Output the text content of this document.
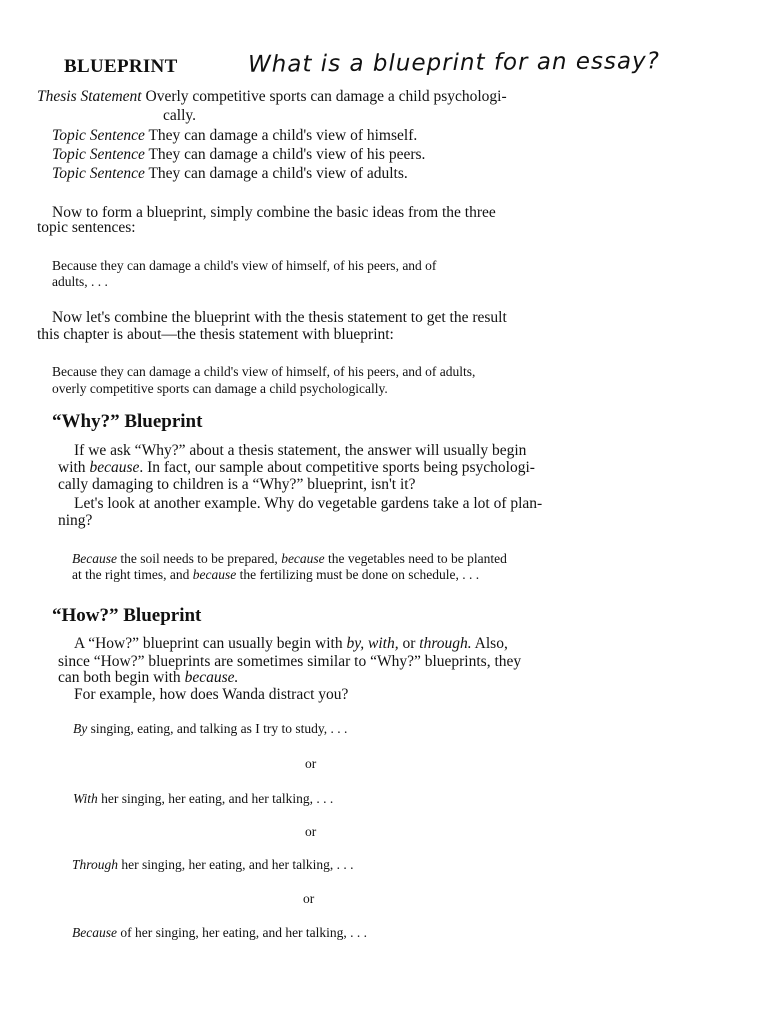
BLUEPRINT	What is a blueprint for an essay?
Thesis Statement Overly competitive sports can damage a child psychologi-
cally.
Topic Sentence They can damage a child's view of himself.
Topic Sentence They can damage a child's view of his peers.
Topic Sentence They can damage a child's view of adults.
Now to form a blueprint, simply combine the basic ideas from the three
topic sentences:
Because they can damage a child's view of himself, of his peers, and of
adults, . . .
Now let's combine the blueprint with the thesis statement to get the result
this chapter is about—the thesis statement with blueprint:
Because they can damage a child's view of himself, of his peers, and of adults,
overly competitive sports can damage a child psychologically.
“Why?” Blueprint
If we ask “Why?” about a thesis statement, the answer will usually begin
with because. In fact, our sample about competitive sports being psychologi-
cally damaging to children is a “Why?” blueprint, isn't it?
Let's look at another example. Why do vegetable gardens take a lot of plan-
ning?
Because the soil needs to be prepared, because the vegetables need to be planted
at the right times, and because the fertilizing must be done on schedule, . . .
“How?” Blueprint
A “How?” blueprint can usually begin with by, with, or through. Also,
since “How?” blueprints are sometimes similar to “Why?” blueprints, they
can both begin with because.
For example, how does Wanda distract you?
By singing, eating, and talking as I try to study, . . .
or
With her singing, her eating, and her talking, . . .
or
Through her singing, her eating, and her talking, . . .
or
Because of her singing, her eating, and her talking, . . .
